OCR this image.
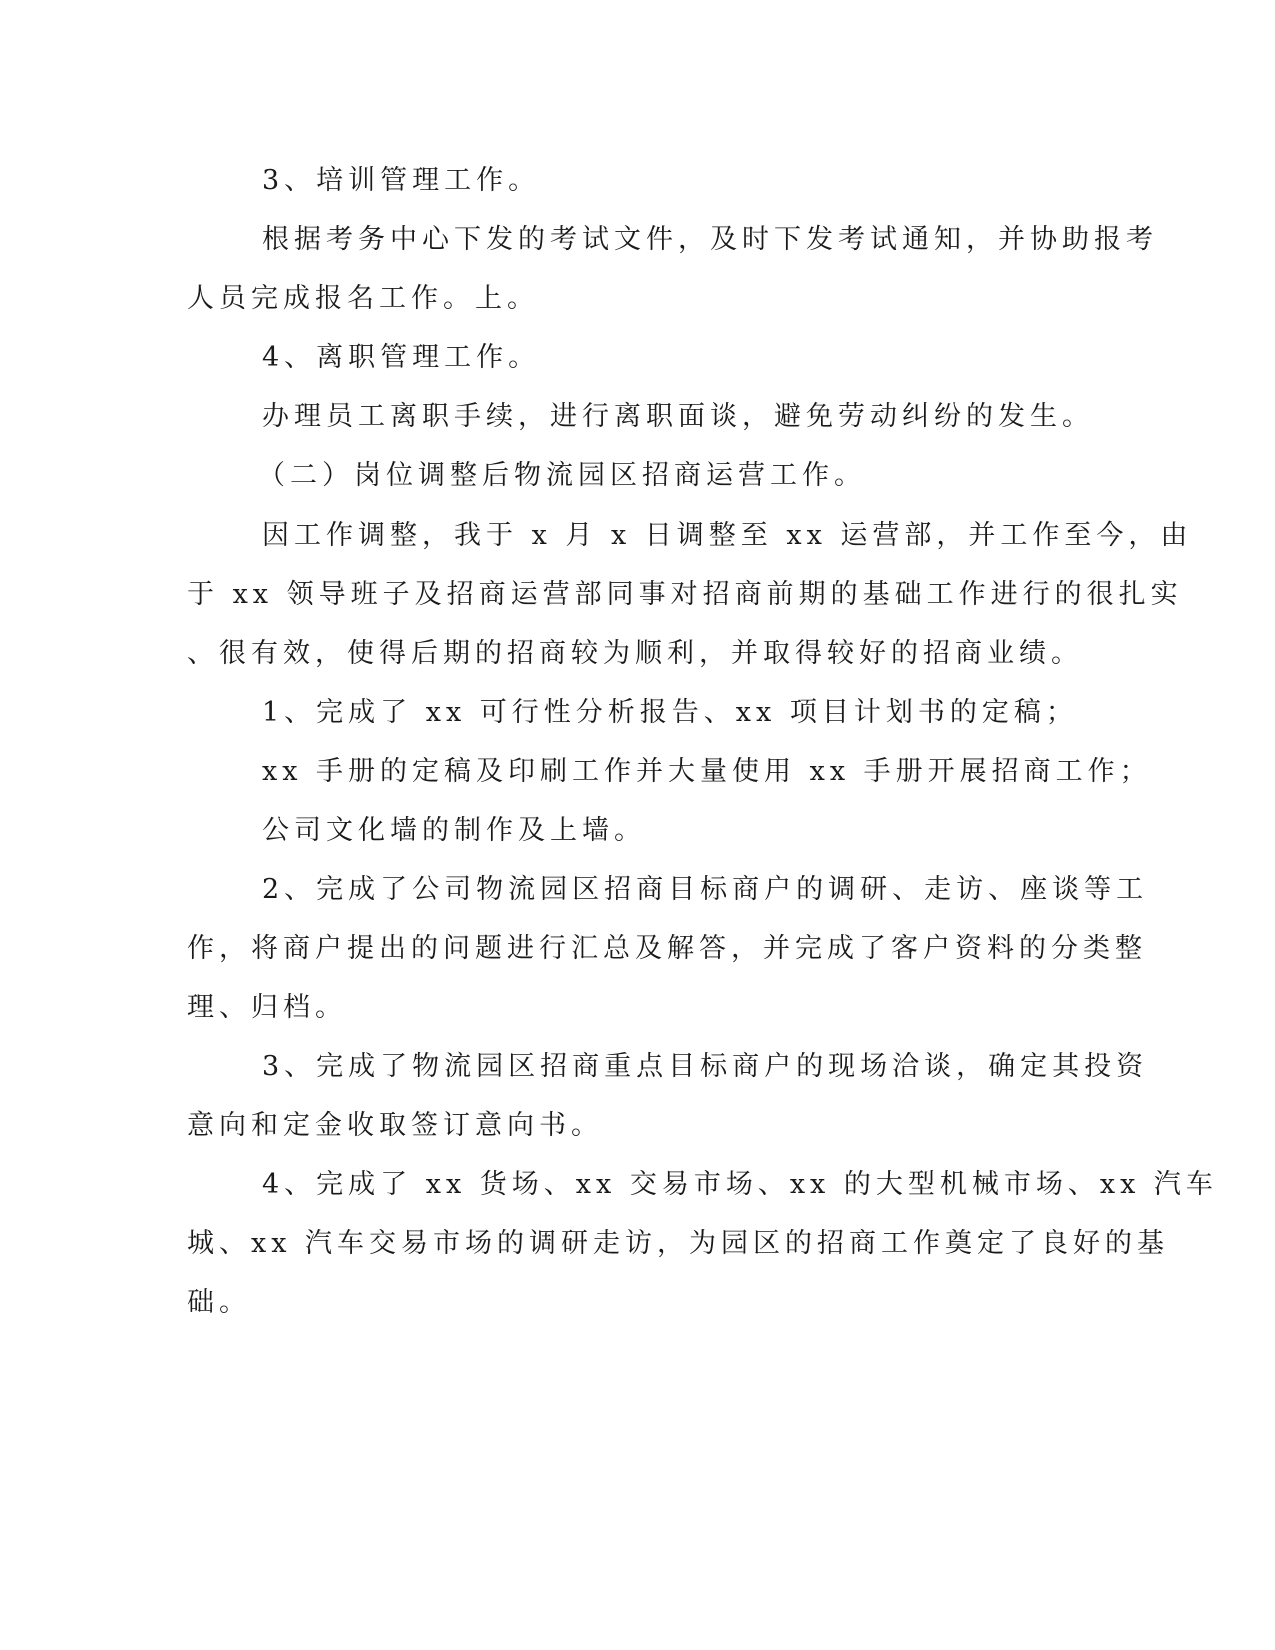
3、培训管理工作。
根据考务中心下发的考试文件，及时下发考试通知，并协助报考
人员完成报名工作。上。
4、离职管理工作。
办理员工离职手续，进行离职面谈，避免劳动纠纷的发生。
（二）岗位调整后物流园区招商运营工作。
因工作调整，我于 x 月 x 日调整至 xx 运营部，并工作至今，由
于 xx 领导班子及招商运营部同事对招商前期的基础工作进行的很扎实
、很有效，使得后期的招商较为顺利，并取得较好的招商业绩。
1、完成了 xx 可行性分析报告、xx 项目计划书的定稿；
xx 手册的定稿及印刷工作并大量使用 xx 手册开展招商工作；
公司文化墙的制作及上墙。
2、完成了公司物流园区招商目标商户的调研、走访、座谈等工
作，将商户提出的问题进行汇总及解答，并完成了客户资料的分类整
理、归档。
3、完成了物流园区招商重点目标商户的现场洽谈，确定其投资
意向和定金收取签订意向书。
4、完成了 xx 货场、xx 交易市场、xx 的大型机械市场、xx 汽车
城、xx 汽车交易市场的调研走访，为园区的招商工作奠定了良好的基
础。
